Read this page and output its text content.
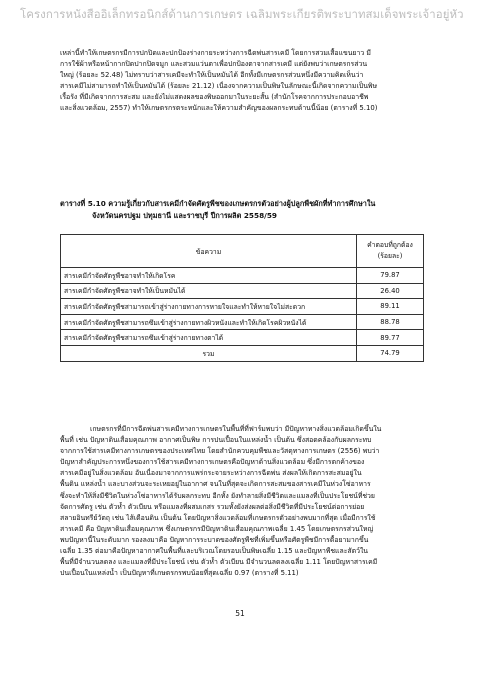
โครงการหนังสืออิเล็กทรอนิกส์ด้านการเกษตร เฉลิมพระเกียรติพระบาทสมเด็จพระเจ้าอยู่หัว
เหล่านี้ทำให้เกษตรกรมีการปกปิดและปกป้องร่างกายระหว่างการฉีดพ่นสารเคมี โดยการสวมเสื้อแขนยาว มี
การใช้ผ้าหรือหน้ากากปิดปากปิดจมูก และสวมแว่นตาเพื่อปกป้องตาจากสารเคมี แต่ยังพบว่าเกษตรกรส่วน
ใหญ่ (ร้อยละ 52.48) ไม่ทราบว่าสารเคมีจะทำให้เป็นหมันได้ อีกทั้งมีเกษตรกรส่วนหนึ่งมีความคิดเห็นว่า
สารเคมีไม่สามารถทำให้เป็นหมันได้ (ร้อยละ 21.12) เนื่องจากความเป็นพิษในลักษณะนี้เกิดจากความเป็นพิษ
เรื้อรัง ที่มีเกิดจากการสะสม และยังไม่แสดงผลของพิษออกมาในระยะสั้น (สำนักโรคจากการประกอบอาชีพ
และสิ่งแวดล้อม, 2557) ทำให้เกษตรกรตระหนักและให้ความสำคัญของผลกระทบด้านนี้น้อย (ตารางที่ 5.10)
ตารางที่ 5.10 ความรู้เกี่ยวกับสารเคมีกำจัดศัตรูพืชของเกษตรกรตัวอย่างผู้ปลูกพืชผักที่ทำการศึกษาใน
จังหวัดนครปฐม ปทุมธานี และราชบุรี ปีการผลิต 2558/59
ข้อความ	คำตอบที่ถูกต้อง
(ร้อยละ)

สารเคมีกำจัดศัตรูพืชอาจทำให้เกิดโรค	79.87
สารเคมีกำจัดศัตรูพืชอาจทำให้เป็นหมันได้	26.40
สารเคมีกำจัดศัตรูพืชสามารถเข้าสู่ร่างกายทางการหายใจและทำให้หายใจไม่สะดวก	89.11
สารเคมีกำจัดศัตรูพืชสามารถซึมเข้าสู่ร่างกายทางผิวหนังและทำให้เกิดโรคผิวหนังได้	88.78
สารเคมีกำจัดศัตรูพืชสามารถซึมเข้าสู่ร่างกายทางตาได้	89.77
รวม	74.79
เกษตรกรที่มีการฉีดพ่นสารเคมีทางการเกษตรในพื้นที่ที่ฟาร์มพบว่า มีปัญหาทางสิ่งแวดล้อมเกิดขึ้นใน
พื้นที่ เช่น ปัญหาดินเสื่อมคุณภาพ อากาศเป็นพิษ การปนเปื้อนในแหล่งน้ำ เป็นต้น ซึ่งสอดคล้องกับผลกระทบ
จากการใช้สารเคมีทางการเกษตรของประเทศไทย โดยสำนักควบคุมพืชและวัสดุทางการเกษตร (2556) พบว่า
ปัญหาสำคัญประการหนึ่งของการใช้สารเคมีทางการเกษตรคือปัญหาด้านสิ่งแวดล้อม ซึ่งมีการตกค้างของ
สารเคมีอยู่ในสิ่งแวดล้อม อันเนื่องมาจากการแพร่กระจายระหว่างการฉีดพ่น ส่งผลให้เกิดการสะสมอยู่ใน
พื้นดิน แหล่งน้ำ และบางส่วนจะระเหยอยู่ในอากาศ จนในที่สุดจะเกิดการสะสมของสารเคมีในห่วงโซ่อาหาร
ซึ่งจะทำให้สิ่งมีชีวิตในห่วงโซ่อาหารได้รับผลกระทบ อีกทั้ง ยังทำลายสิ่งมีชีวิตและแมลงที่เป็นประโยชน์ที่ช่วย
จัดการศัตรู เช่น ตัวห้ำ ตัวเบียน หรือแมลงที่ผสมเกสร รวมทั้งยังส่งผลต่อสิ่งมีชีวิตที่มีประโยชน์ต่อการย่อย
สลายอินทรีย์วัตถุ เช่น ไส้เดือนดิน เป็นต้น โดยปัญหาสิ่งแวดล้อมที่เกษตรกรตัวอย่างพบมากที่สุด เมื่อมีการใช้
สารเคมี คือ ปัญหาดินเสื่อมคุณภาพ ซึ่งเกษตรกรมีปัญหาดินเสื่อมคุณภาพเฉลี่ย 1.45 โดยเกษตรกรส่วนใหญ่
พบปัญหานี้ในระดับมาก รองลงมาคือ ปัญหาการระบาดของศัตรูพืชที่เพิ่มขึ้นหรือศัตรูพืชมีการดื้อยามากขึ้น
เฉลี่ย 1.35 ต่อมาคือปัญหาอากาศในพื้นที่และบริเวณโดยรอบเป็นพิษเฉลี่ย 1.15 และปัญหาพืชและสัตว์ใน
พื้นที่มีจำนวนลดลง และแมลงที่มีประโยชน์ เช่น ตัวห้ำ ตัวเบียน มีจำนวนลดลงเฉลี่ย 1.11 โดยปัญหาสารเคมี
ปนเปื้อนในแหล่งน้ำ เป็นปัญหาที่เกษตรกรพบน้อยที่สุดเฉลี่ย 0.97 (ตารางที่ 5.11)
51
